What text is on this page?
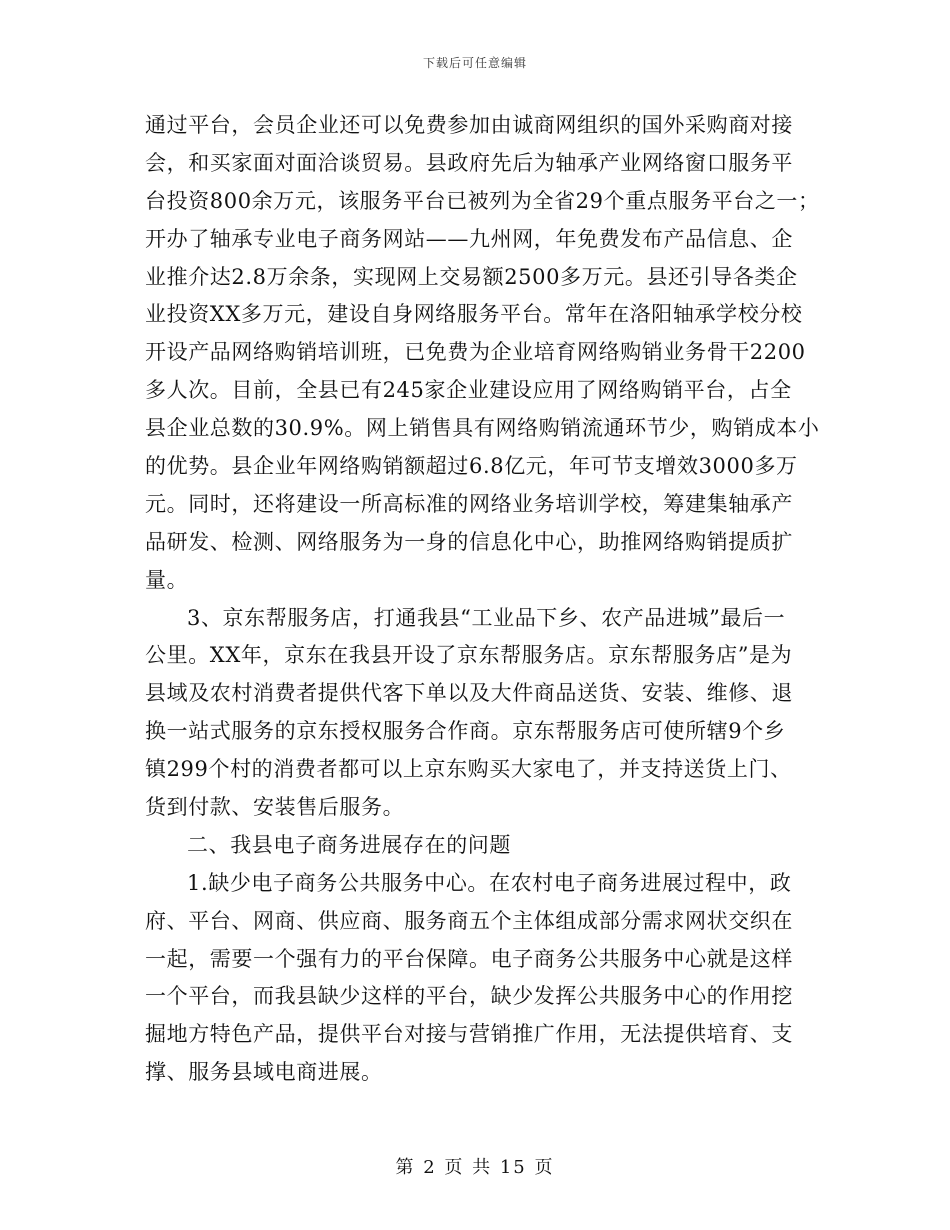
下载后可任意编辑
通过平台，会员企业还可以免费参加由诚商网组织的国外采购商对接
会，和买家面对面洽谈贸易。县政府先后为轴承产业网络窗口服务平
台投资800余万元，该服务平台已被列为全省29个重点服务平台之一；
开办了轴承专业电子商务网站——九州网，年免费发布产品信息、企
业推介达2.8万余条，实现网上交易额2500多万元。县还引导各类企
业投资XX多万元，建设自身网络服务平台。常年在洛阳轴承学校分校
开设产品网络购销培训班，已免费为企业培育网络购销业务骨干2200
多人次。目前，全县已有245家企业建设应用了网络购销平台，占全
县企业总数的30.9%。网上销售具有网络购销流通环节少，购销成本小
的优势。县企业年网络购销额超过6.8亿元，年可节支增效3000多万
元。同时，还将建设一所高标准的网络业务培训学校，筹建集轴承产
品研发、检测、网络服务为一身的信息化中心，助推网络购销提质扩
量。
3、京东帮服务店，打通我县“工业品下乡、农产品进城”最后一
公里。XX年，京东在我县开设了京东帮服务店。京东帮服务店”是为
县域及农村消费者提供代客下单以及大件商品送货、安装、维修、退
换一站式服务的京东授权服务合作商。京东帮服务店可使所辖9个乡
镇299个村的消费者都可以上京东购买大家电了，并支持送货上门、
货到付款、安装售后服务。
二、我县电子商务进展存在的问题
1.缺少电子商务公共服务中心。在农村电子商务进展过程中，政
府、平台、网商、供应商、服务商五个主体组成部分需求网状交织在
一起，需要一个强有力的平台保障。电子商务公共服务中心就是这样
一个平台，而我县缺少这样的平台，缺少发挥公共服务中心的作用挖
掘地方特色产品，提供平台对接与营销推广作用，无法提供培育、支
撑、服务县域电商进展。
第 2 页 共 15 页
